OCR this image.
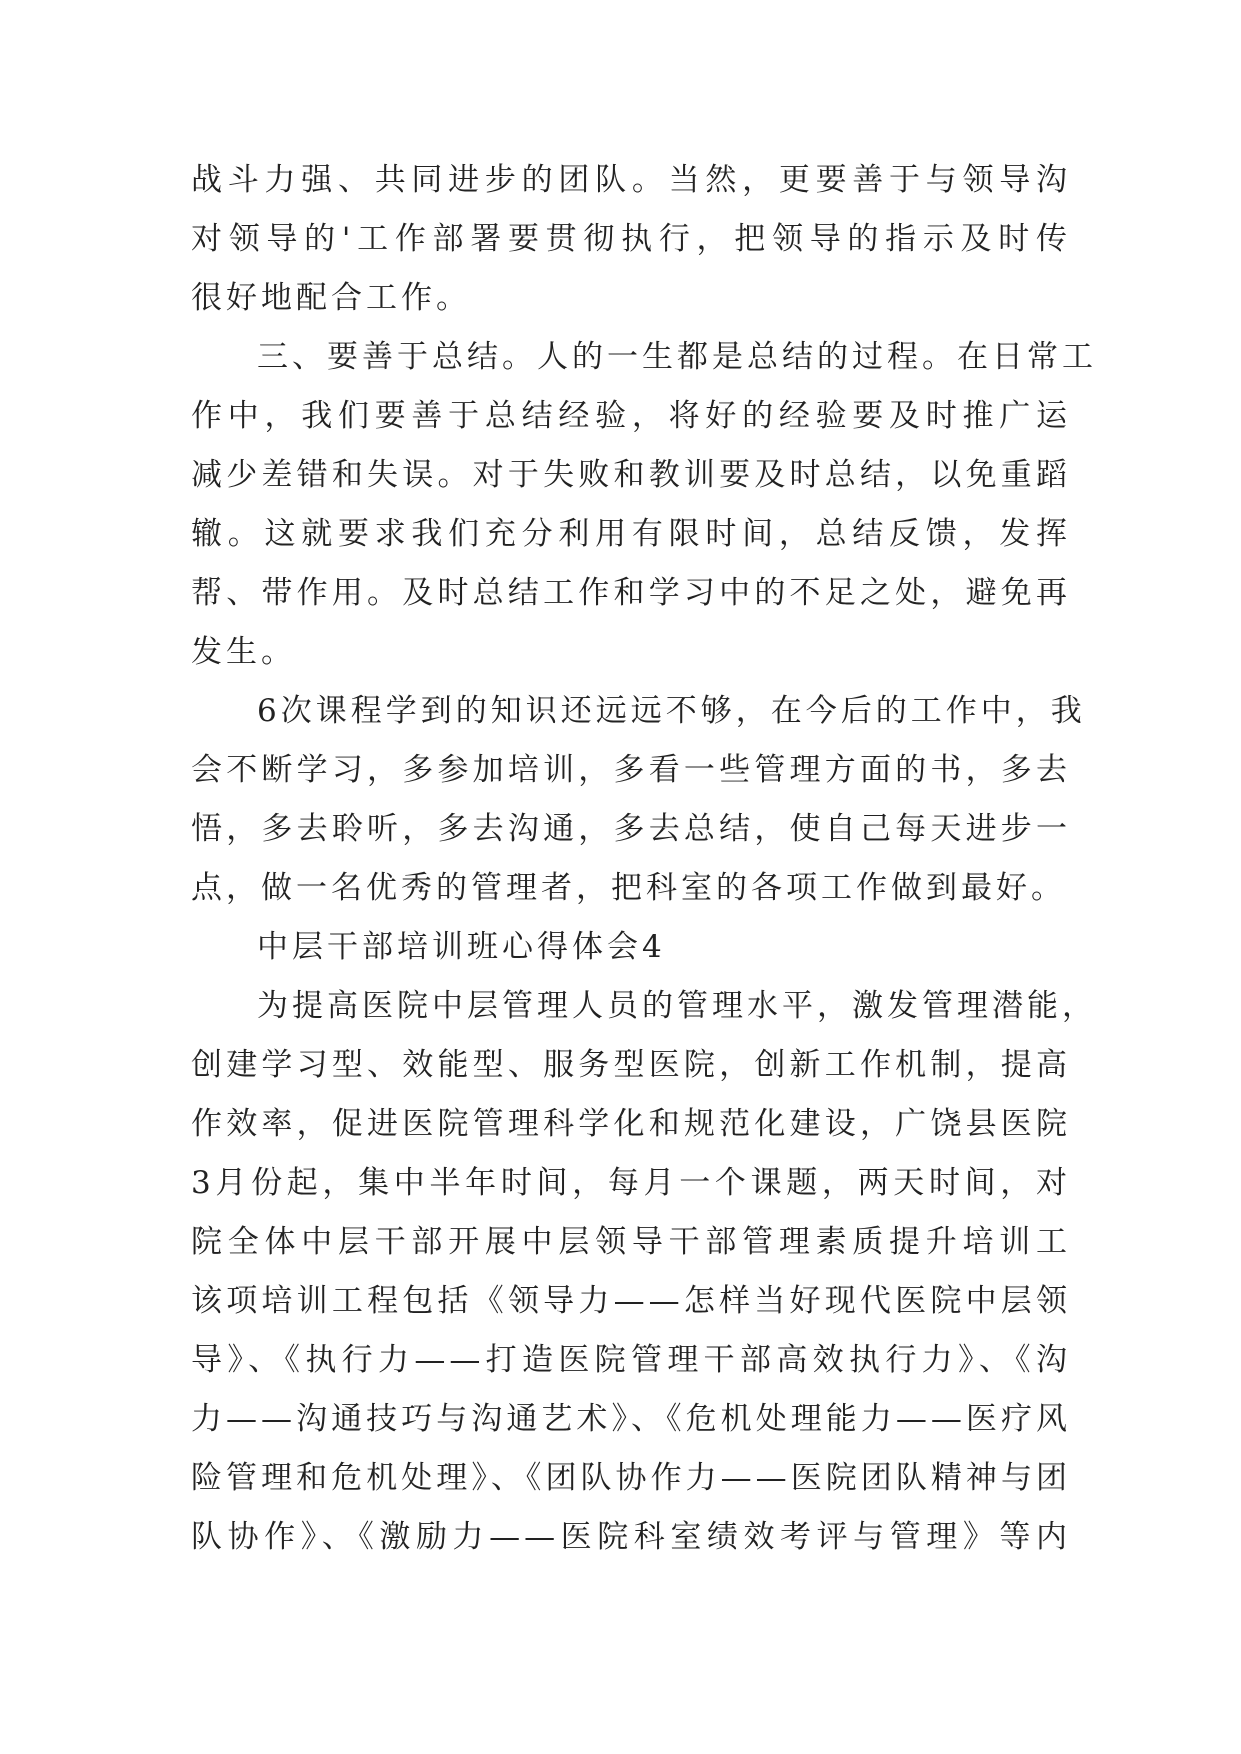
战斗力强、共同进步的团队。当然，更要善于与领导沟
对领导的'工作部署要贯彻执行，把领导的指示及时传
很好地配合工作。
三、要善于总结。人的一生都是总结的过程。在日常工
作中，我们要善于总结经验，将好的经验要及时推广运
减少差错和失误。对于失败和教训要及时总结，以免重蹈
辙。这就要求我们充分利用有限时间，总结反馈，发挥
帮、带作用。及时总结工作和学习中的不足之处，避免再
发生。
6次课程学到的知识还远远不够，在今后的工作中，我
会不断学习，多参加培训，多看一些管理方面的书，多去
悟，多去聆听，多去沟通，多去总结，使自己每天进步一
点，做一名优秀的管理者，把科室的各项工作做到最好。
中层干部培训班心得体会4
为提高医院中层管理人员的管理水平，激发管理潜能，
创建学习型、效能型、服务型医院，创新工作机制，提高
作效率，促进医院管理科学化和规范化建设，广饶县医院
3月份起，集中半年时间，每月一个课题，两天时间，对
院全体中层干部开展中层领导干部管理素质提升培训工
该项培训工程包括《领导力——怎样当好现代医院中层领
导》、《执行力——打造医院管理干部高效执行力》、《沟
力——沟通技巧与沟通艺术》、《危机处理能力——医疗风
险管理和危机处理》、《团队协作力——医院团队精神与团
队协作》、《激励力——医院科室绩效考评与管理》等内
